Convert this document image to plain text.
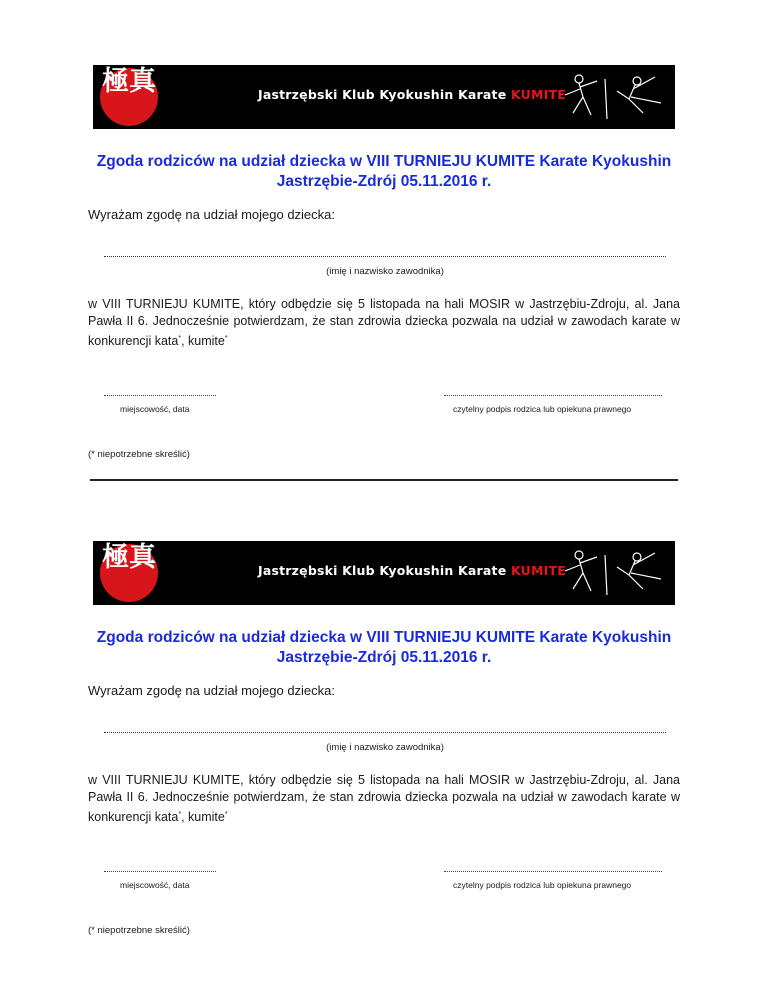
極真	Jastrzębski Klub Kyokushin Karate KUMITE
Zgoda rodziców na udział dziecka w VIII TURNIEJU KUMITE Karate Kyokushin
Jastrzębie-Zdrój 05.11.2016 r.
Wyrażam zgodę na udział mojego dziecka:
(imię i nazwisko zawodnika)
w VIII TURNIEJU KUMITE, który odbędzie się 5 listopada na hali MOSIR w Jastrzębiu-Zdroju, al. Jana Pawła II 6. Jednocześnie potwierdzam, że stan zdrowia dziecka pozwala na udział w zawodach karate w konkurencji kata*, kumite*
miejscowość, data	czytelny podpis rodzica lub opiekuna prawnego
(* niepotrzebne skreślić)
極真	Jastrzębski Klub Kyokushin Karate KUMITE
Zgoda rodziców na udział dziecka w VIII TURNIEJU KUMITE Karate Kyokushin
Jastrzębie-Zdrój 05.11.2016 r.
Wyrażam zgodę na udział mojego dziecka:
(imię i nazwisko zawodnika)
w VIII TURNIEJU KUMITE, który odbędzie się 5 listopada na hali MOSIR w Jastrzębiu-Zdroju, al. Jana Pawła II 6. Jednocześnie potwierdzam, że stan zdrowia dziecka pozwala na udział w zawodach karate w konkurencji kata*, kumite*
miejscowość, data	czytelny podpis rodzica lub opiekuna prawnego
(* niepotrzebne skreślić)
